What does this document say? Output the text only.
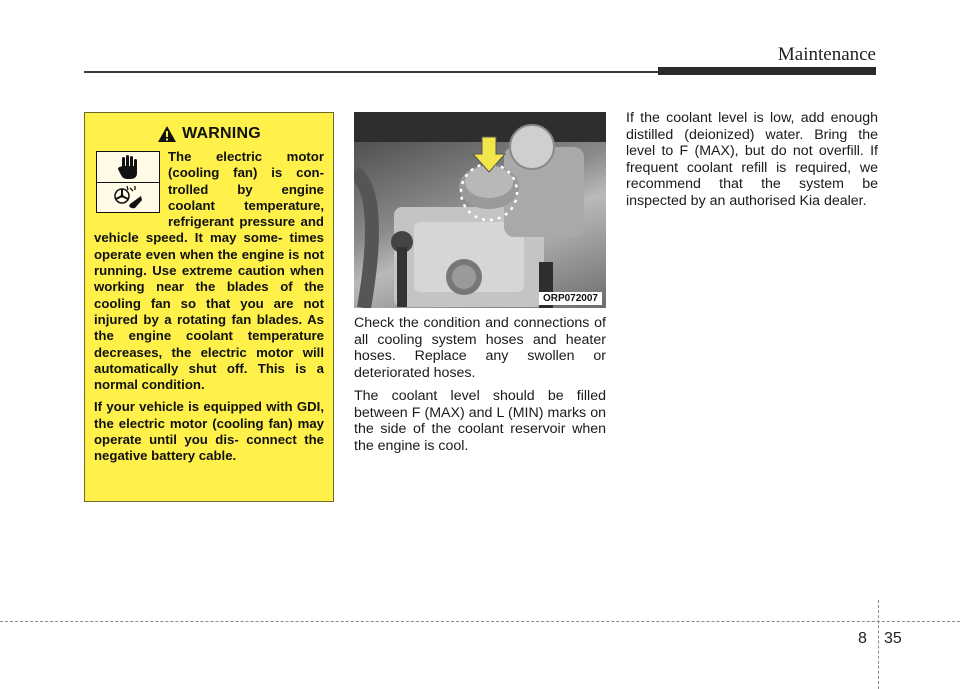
Maintenance
WARNING

The electric motor (cooling fan) is con- trolled by engine coolant temperature, refrigerant pressure and vehicle speed. It may some- times operate even when the engine is not running. Use extreme caution when working near the blades of the cooling fan so that you are not injured by a rotating fan blades. As the engine coolant temperature decreases, the electric motor will automatically shut off. This is a normal condition.

If your vehicle is equipped with GDI, the electric motor (cooling fan) may operate until you dis- connect the negative battery cable.

ORP072007

Check the condition and connections of all cooling system hoses and heater hoses. Replace any swollen or deteriorated hoses.

The coolant level should be filled between F (MAX) and L (MIN) marks on the side of the coolant reservoir when the engine is cool.

If the coolant level is low, add enough distilled (deionized) water. Bring the level to F (MAX), but do not overfill. If frequent coolant refill is required, we recommend that the system be inspected by an authorised Kia dealer.

8 35
